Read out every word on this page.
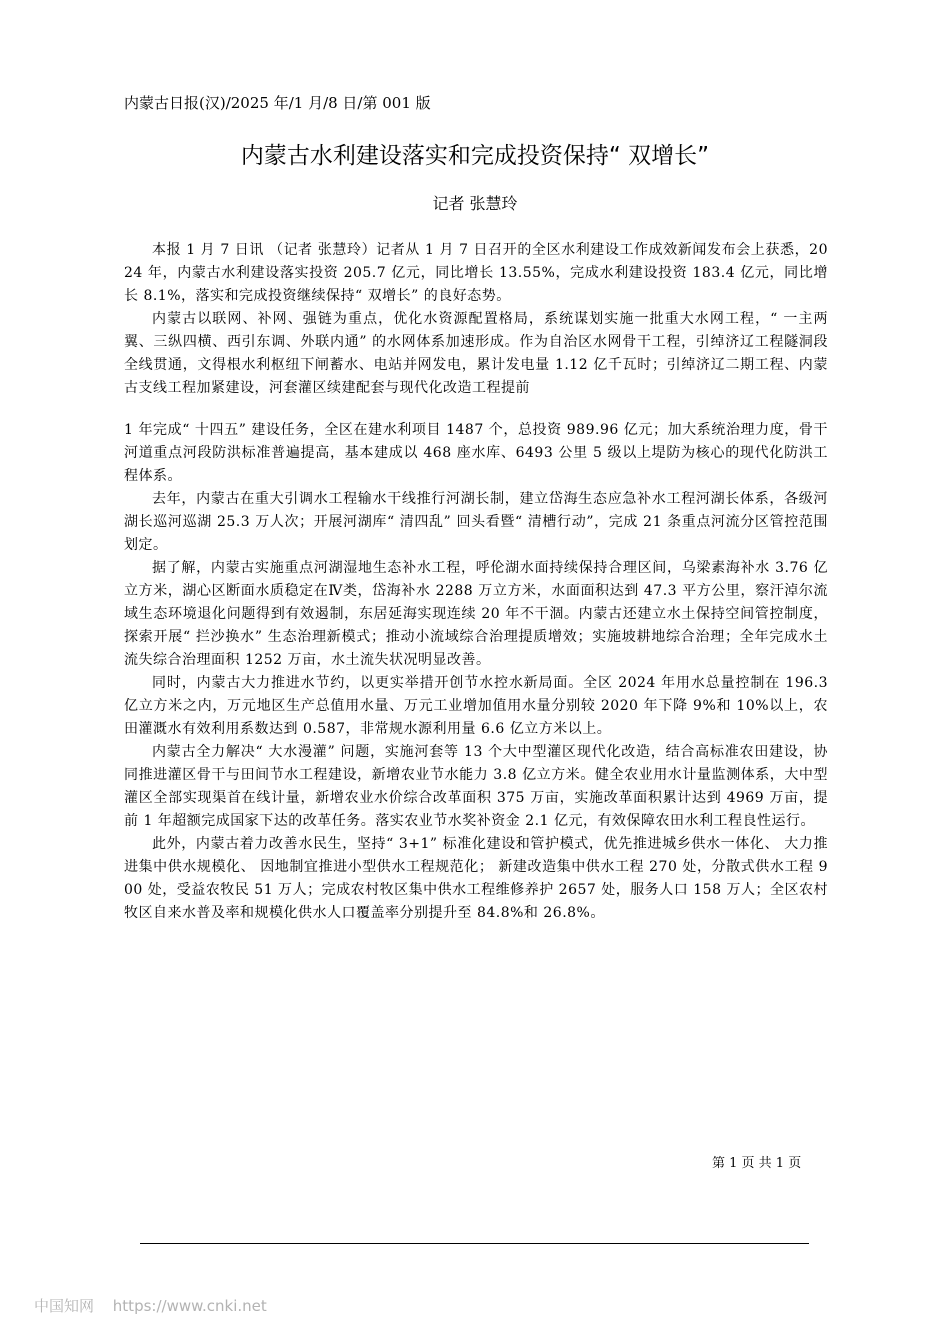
内蒙古日报(汉)/2025 年/1 月/8 日/第 001 版
内蒙古水利建设落实和完成投资保持“ 双增长”
记者 张慧玲

本报 1 月 7 日讯 （记者 张慧玲）记者从 1 月 7 日召开的全区水利建设工作成效新闻发布会上获悉，2024 年，内蒙古水利建设落实投资 205.7 亿元，同比增长 13.55%，完成水利建设投资 183.4 亿元，同比增长 8.1%，落实和完成投资继续保持“ 双增长” 的良好态势。

内蒙古以联网、补网、强链为重点，优化水资源配置格局，系统谋划实施一批重大水网工程，“ 一主两翼、三纵四横、西引东调、外联内通” 的水网体系加速形成。作为自治区水网骨干工程，引绰济辽工程隧洞段全线贯通，文得根水利枢纽下闸蓄水、电站并网发电，累计发电量 1.12 亿千瓦时；引绰济辽二期工程、内蒙古支线工程加紧建设，河套灌区续建配套与现代化改造工程提前

1 年完成“ 十四五” 建设任务，全区在建水利项目 1487 个，总投资 989.96 亿元；加大系统治理力度，骨干河道重点河段防洪标准普遍提高，基本建成以 468 座水库、6493 公里 5 级以上堤防为核心的现代化防洪工程体系。

去年，内蒙古在重大引调水工程输水干线推行河湖长制，建立岱海生态应急补水工程河湖长体系，各级河湖长巡河巡湖 25.3 万人次；开展河湖库“ 清四乱” 回头看暨“ 清槽行动”，完成 21 条重点河流分区管控范围划定。

据了解，内蒙古实施重点河湖湿地生态补水工程，呼伦湖水面持续保持合理区间，乌梁素海补水 3.76 亿立方米，湖心区断面水质稳定在Ⅳ类，岱海补水 2288 万立方米，水面面积达到 47.3 平方公里，察汗淖尔流域生态环境退化问题得到有效遏制，东居延海实现连续 20 年不干涸。内蒙古还建立水土保持空间管控制度，探索开展“ 拦沙换水” 生态治理新模式；推动小流域综合治理提质增效；实施坡耕地综合治理；全年完成水土流失综合治理面积 1252 万亩，水土流失状况明显改善。

同时，内蒙古大力推进水节约，以更实举措开创节水控水新局面。全区 2024 年用水总量控制在 196.3 亿立方米之内，万元地区生产总值用水量、万元工业增加值用水量分别较 2020 年下降 9%和 10%以上，农田灌溉水有效利用系数达到 0.587，非常规水源利用量 6.6 亿立方米以上。

内蒙古全力解决“ 大水漫灌” 问题，实施河套等 13 个大中型灌区现代化改造，结合高标准农田建设，协同推进灌区骨干与田间节水工程建设，新增农业节水能力 3.8 亿立方米。健全农业用水计量监测体系，大中型灌区全部实现渠首在线计量，新增农业水价综合改革面积 375 万亩，实施改革面积累计达到 4969 万亩，提前 1 年超额完成国家下达的改革任务。落实农业节水奖补资金 2.1 亿元，有效保障农田水利工程良性运行。

此外，内蒙古着力改善水民生，坚持“ 3+1” 标准化建设和管护模式，优先推进城乡供水一体化、 大力推进集中供水规模化、 因地制宜推进小型供水工程规范化； 新建改造集中供水工程 270 处，分散式供水工程 900 处，受益农牧民 51 万人；完成农村牧区集中供水工程维修养护 2657 处，服务人口 158 万人；全区农村牧区自来水普及率和规模化供水人口覆盖率分别提升至 84.8%和 26.8%。

第 1 页 共 1 页
中国知网 https://www.cnki.net
